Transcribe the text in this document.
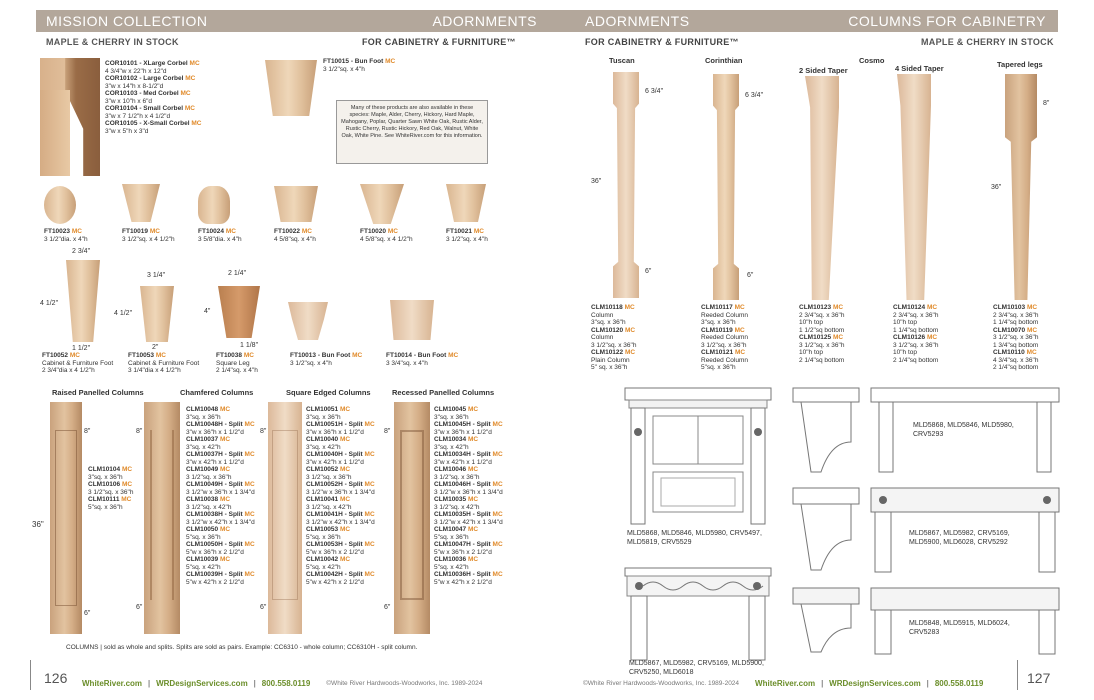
MISSION COLLECTION	ADORNMENTS
MAPLE & CHERRY IN STOCK	FOR CABINETRY & FURNITURE™
COR10101 - XLarge Corbel MC
4 3/4"w x 22"h x 12"d
COR10102 - Large Corbel MC
3"w x 14"h x 8-1/2"d
COR10103 - Med Corbel MC
3"w x 10"h x 6"d
COR10104 - Small Corbel MC
3"w x 7 1/2"h x 4 1/2"d
COR10105 - X-Small Corbel MC
3"w x 5"h x 3"d
FT10015 - Bun Foot MC
3 1/2"sq. x 4"h
Many of these products are also available in these species: Maple, Alder, Cherry, Hickory, Hard Maple, Mahogany, Poplar, Quarter Sawn White Oak, Rustic Alder, Rustic Cherry, Rustic Hickory, Red Oak, Walnut, White Oak, White Pine. See WhiteRiver.com for this information.
FT10023 MC
3 1/2"dia. x 4"h
FT10019 MC
3 1/2"sq. x 4 1/2"h
FT10024 MC
3 5/8"dia. x 4"h
FT10022 MC
4 5/8"sq. x 4"h
FT10020 MC
4 5/8"sq. x 4 1/2"h
FT10021 MC
3 1/2"sq. x 4"h
2 3/4"
4 1/2"
1 1/2"
3 1/4"
4 1/2"
2"
2 1/4"
4"
1 1/8"
FT10052 MC
Cabinet & Furniture Foot
2 3/4"dia x 4 1/2"h
FT10053 MC
Cabinet & Furniture Foot
3 1/4"dia x 4 1/2"h
FT10038 MC
Square Leg
2 1/4"sq. x 4"h
FT10013 - Bun Foot MC
3 1/2"sq. x 4"h
FT10014 - Bun Foot MC
3 3/4"sq. x 4"h
Raised Panelled Columns	Chamfered Columns	Square Edged Columns	Recessed Panelled Columns
8"
36"
6"
8"
6"
8"
6"
8"
6"
CLM10104 MC
3"sq. x 36"h
CLM10106 MC
3 1/2"sq. x 36"h
CLM10111 MC
5"sq. x 36"h
CLM10048 MC
3"sq. x 36"h
CLM10048H - Split MC
3"w x 36"h x 1 1/2"d
CLM10037 MC
3"sq. x 42"h
CLM10037H - Split MC
3"w x 42"h x 1 1/2"d
CLM10049 MC
3 1/2"sq. x 36"h
CLM10049H - Split MC
3 1/2"w x 36"h x 1 3/4"d
CLM10038 MC
3 1/2"sq. x 42"h
CLM10038H - Split MC
3 1/2"w x 42"h x 1 3/4"d
CLM10050 MC
5"sq. x 36"h
CLM10050H - Split MC
5"w x 36"h x 2 1/2"d
CLM10039 MC
5"sq. x 42"h
CLM10039H - Split MC
5"w x 42"h x 2 1/2"d
CLM10051 MC
3"sq. x 36"h
CLM10051H - Split MC
3"w x 36"h x 1 1/2"d
CLM10040 MC
3"sq. x 42"h
CLM10040H - Split MC
3"w x 42"h x 1 1/2"d
CLM10052 MC
3 1/2"sq. x 36"h
CLM10052H - Split MC
3 1/2"w x 36"h x 1 3/4"d
CLM10041 MC
3 1/2"sq. x 42"h
CLM10041H - Split MC
3 1/2"w x 42"h x 1 3/4"d
CLM10053 MC
5"sq. x 36"h
CLM10053H - Split MC
5"w x 36"h x 2 1/2"d
CLM10042 MC
5"sq. x 42"h
CLM10042H - Split MC
5"w x 42"h x 2 1/2"d
CLM10045 MC
3"sq. x 36"h
CLM10045H - Split MC
3"w x 36"h x 1 1/2"d
CLM10034 MC
3"sq. x 42"h
CLM10034H - Split MC
3"w x 42"h x 1 1/2"d
CLM10046 MC
3 1/2"sq. x 36"h
CLM10046H - Split MC
3 1/2"w x 36"h x 1 3/4"d
CLM10035 MC
3 1/2"sq. x 42"h
CLM10035H - Split MC
3 1/2"w x 42"h x 1 3/4"d
CLM10047 MC
5"sq. x 36"h
CLM10047H - Split MC
5"w x 36"h x 2 1/2"d
CLM10036 MC
5"sq. x 42"h
CLM10036H - Split MC
5"w x 42"h x 2 1/2"d
COLUMNS | sold as whole and splits. Splits are sold as pairs. Example: CC6310 - whole column; CC6310H - split column.
126 WhiteRiver.com | WRDesignServices.com | 800.558.0119 ©White River Hardwoods-Woodworks, Inc. 1989-2024
ADORNMENTS	COLUMNS FOR CABINETRY
FOR CABINETRY & FURNITURE™	MAPLE & CHERRY IN STOCK
Tuscan	Corinthian
2 Sided Taper
Cosmo
4 Sided Taper	Tapered legs
6 3/4"
36"
6"
6 3/4"
6"
8"
36"
CLM10118 MC
Column
3"sq. x 36"h
CLM10120 MC
Column
3 1/2"sq. x 36"h
CLM10122 MC
Plain Column
5" sq. x 36"h
CLM10117 MC
Reeded Column
3"sq. x 36"h
CLM10119 MC
Reeded Column
3 1/2"sq. x 36"h
CLM10121 MC
Reeded Column
5"sq. x 36"h
CLM10123 MC
2 3/4"sq. x 36"h
10"h top
1 1/2"sq bottom
CLM10125 MC
3 1/2"sq. x 36"h
10"h top
2 1/4"sq bottom
CLM10124 MC
2 3/4"sq. x 36"h
10"h top
1 1/4"sq bottom
CLM10126 MC
3 1/2"sq. x 36"h
10"h top
2 1/4"sq bottom
CLM10103 MC
2 3/4"sq. x 36"h
1 1/4"sq bottom
CLM10070 MC
3 1/2"sq. x 36"h
1 3/4"sq bottom
CLM10110 MC
4 3/4"sq. x 36"h
2 1/4"sq bottom
MLD5868, MLD5846, MLD5980, CRV5497, MLD5819, CRV5529
MLD5867, MLD5982, CRV5169, MLD5900, CRV5250, MLD6018
MLD5868, MLD5846, MLD5980, CRV5293
MLD5867, MLD5982, CRV5169, MLD5900, MLD6028, CRV5292
MLD5848, MLD5915, MLD6024, CRV5283
127
©White River Hardwoods-Woodworks, Inc. 1989-2024 WhiteRiver.com | WRDesignServices.com | 800.558.0119
